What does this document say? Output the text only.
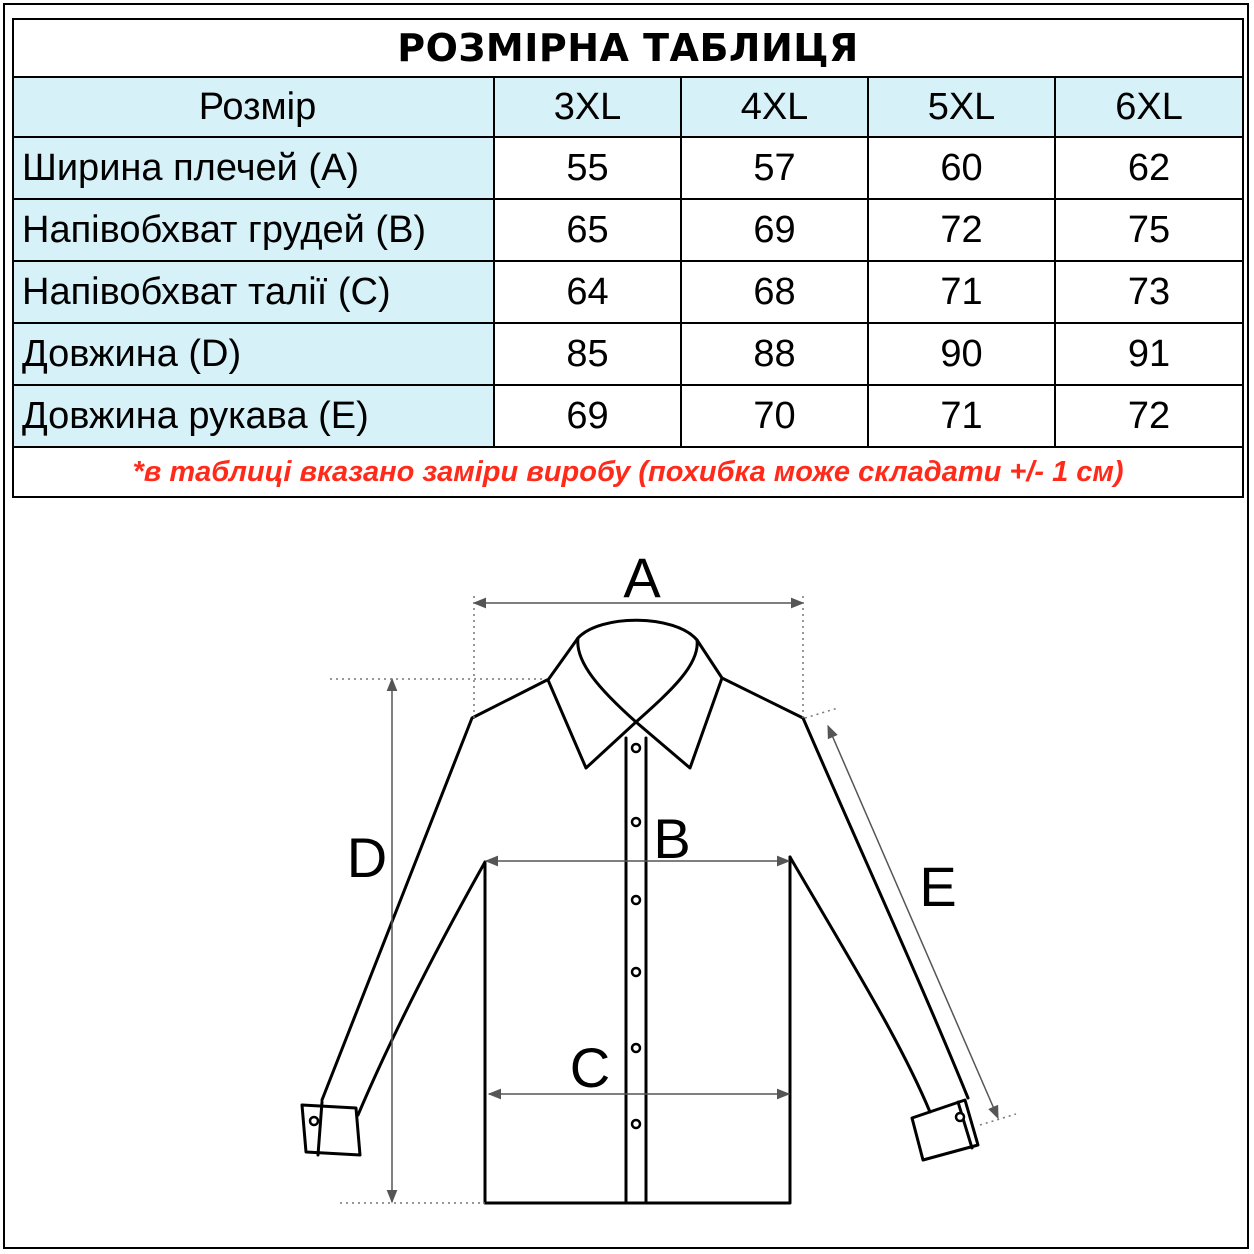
РОЗМІРНА ТАБЛИЦЯ				
Розмір	3XL	4XL	5XL	6XL
Ширина плечей (A)	55	57	60	62
Напівобхват грудей (B)	65	69	72	75
Напівобхват талії (C)	64	68	71	73
Довжина (D)	85	88	90	91
Довжина рукава (E)	69	70	71	72
*в таблиці вказано заміри виробу (похибка може складати +/- 1 см)				
A
B
C
D	E
